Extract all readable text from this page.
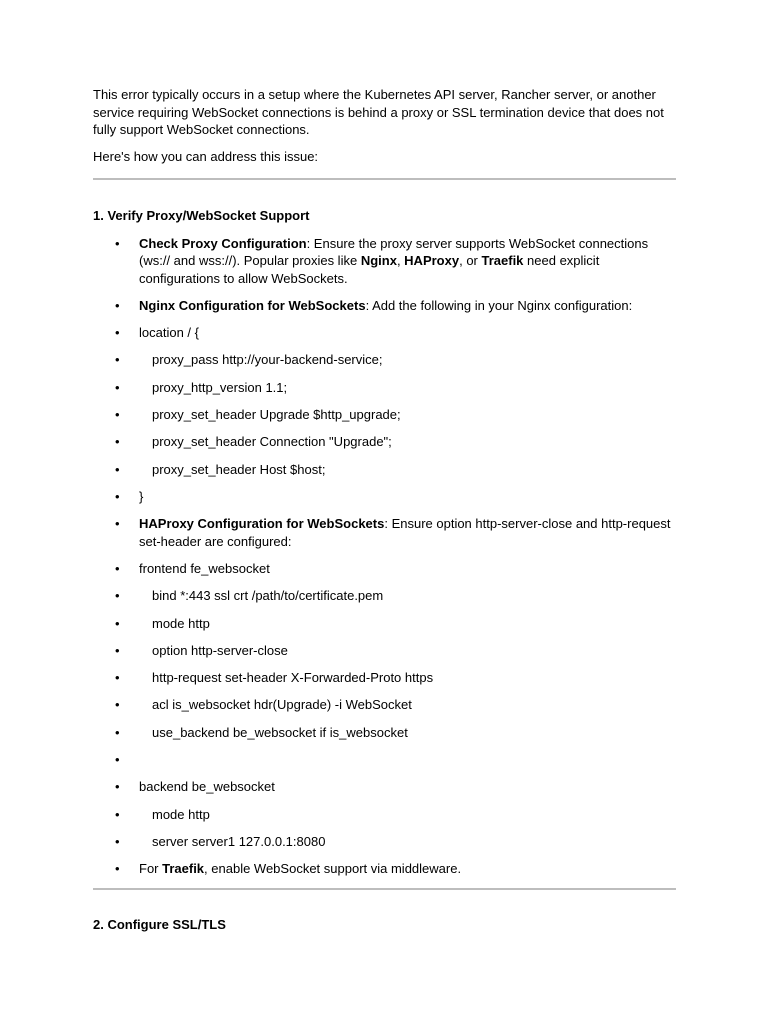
This error typically occurs in a setup where the Kubernetes API server, Rancher server, or another service requiring WebSocket connections is behind a proxy or SSL termination device that does not fully support WebSocket connections.

Here's how you can address this issue:

1. Verify Proxy/WebSocket Support
• Check Proxy Configuration: Ensure the proxy server supports WebSocket connections (ws:// and wss://). Popular proxies like Nginx, HAProxy, or Traefik need explicit configurations to allow WebSockets.
• Nginx Configuration for WebSockets: Add the following in your Nginx configuration:
• location / {
•	proxy_pass http://your-backend-service;
•	proxy_http_version 1.1;
•	proxy_set_header Upgrade $http_upgrade;
•	proxy_set_header Connection "Upgrade";
•	proxy_set_header Host $host;
• }
• HAProxy Configuration for WebSockets: Ensure option http-server-close and http-request set-header are configured:
• frontend fe_websocket
•	bind *:443 ssl crt /path/to/certificate.pem
•	mode http
•	option http-server-close
•	http-request set-header X-Forwarded-Proto https
•	acl is_websocket hdr(Upgrade) -i WebSocket
•	use_backend be_websocket if is_websocket
•
• backend be_websocket
•	mode http
•	server server1 127.0.0.1:8080
• For Traefik, enable WebSocket support via middleware.
2. Configure SSL/TLS
